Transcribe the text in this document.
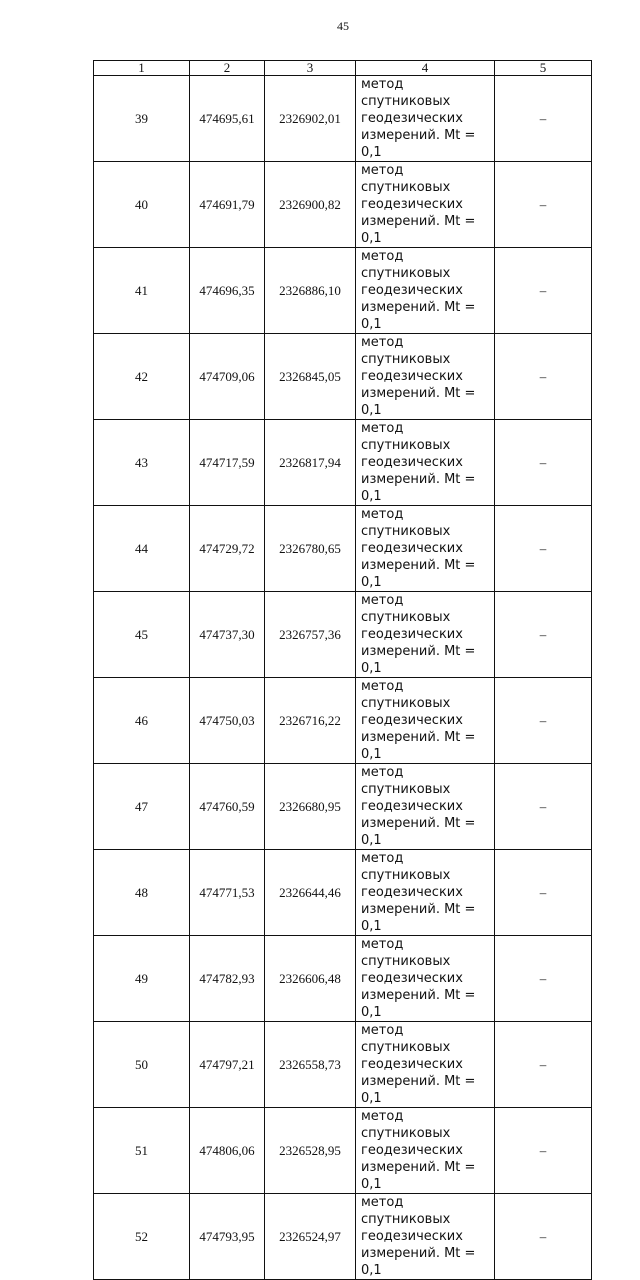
45
1	2	3	4	5
39	474695,61	2326902,01	метод спутниковых
геодезических
измерений. Mt = 0,1	–
40	474691,79	2326900,82	метод спутниковых
геодезических
измерений. Mt = 0,1	–
41	474696,35	2326886,10	метод спутниковых
геодезических
измерений. Mt = 0,1	–
42	474709,06	2326845,05	метод спутниковых
геодезических
измерений. Mt = 0,1	–
43	474717,59	2326817,94	метод спутниковых
геодезических
измерений. Mt = 0,1	–
44	474729,72	2326780,65	метод спутниковых
геодезических
измерений. Mt = 0,1	–
45	474737,30	2326757,36	метод спутниковых
геодезических
измерений. Mt = 0,1	–
46	474750,03	2326716,22	метод спутниковых
геодезических
измерений. Mt = 0,1	–
47	474760,59	2326680,95	метод спутниковых
геодезических
измерений. Mt = 0,1	–
48	474771,53	2326644,46	метод спутниковых
геодезических
измерений. Mt = 0,1	–
49	474782,93	2326606,48	метод спутниковых
геодезических
измерений. Mt = 0,1	–
50	474797,21	2326558,73	метод спутниковых
геодезических
измерений. Mt = 0,1	–
51	474806,06	2326528,95	метод спутниковых
геодезических
измерений. Mt = 0,1	–
52	474793,95	2326524,97	метод спутниковых
геодезических
измерений. Mt = 0,1	–
